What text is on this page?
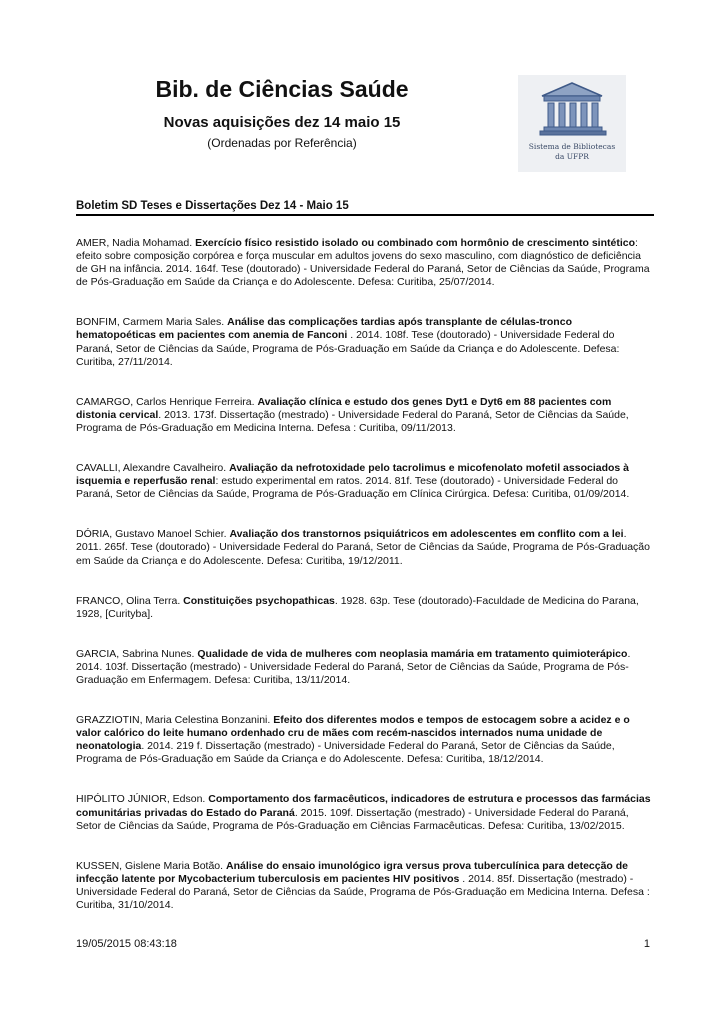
Bib. de Ciências Saúde
Novas aquisições dez 14 maio 15
(Ordenadas por Referência)	Sistema de Bibliotecas
da UFPR
Boletim SD Teses e Dissertações Dez 14 - Maio 15

AMER, Nadia Mohamad. Exercício físico resistido isolado ou combinado com hormônio de crescimento sintético: efeito sobre composição corpórea e força muscular em adultos jovens do sexo masculino, com diagnóstico de deficiência de GH na infância. 2014. 164f. Tese (doutorado) - Universidade Federal do Paraná, Setor de Ciências da Saúde, Programa de Pós-Graduação em Saúde da Criança e do Adolescente. Defesa: Curitiba, 25/07/2014.

BONFIM, Carmem Maria Sales. Análise das complicações tardias após transplante de células-tronco hematopoéticas em pacientes com anemia de Fanconi . 2014. 108f. Tese (doutorado) - Universidade Federal do Paraná, Setor de Ciências da Saúde, Programa de Pós-Graduação em Saúde da Criança e do Adolescente. Defesa: Curitiba, 27/11/2014.

CAMARGO, Carlos Henrique Ferreira. Avaliação clínica e estudo dos genes Dyt1 e Dyt6 em 88 pacientes com distonia cervical. 2013. 173f. Dissertação (mestrado) - Universidade Federal do Paraná, Setor de Ciências da Saúde, Programa de Pós-Graduação em Medicina Interna. Defesa : Curitiba, 09/11/2013.

CAVALLI, Alexandre Cavalheiro. Avaliação da nefrotoxidade pelo tacrolimus e micofenolato mofetil associados à isquemia e reperfusão renal: estudo experimental em ratos. 2014. 81f. Tese (doutorado) - Universidade Federal do Paraná, Setor de Ciências da Saúde, Programa de Pós-Graduação em Clínica Cirúrgica. Defesa: Curitiba, 01/09/2014.

DÓRIA, Gustavo Manoel Schier. Avaliação dos transtornos psiquiátricos em adolescentes em conflito com a lei. 2011. 265f. Tese (doutorado) - Universidade Federal do Paraná, Setor de Ciências da Saúde, Programa de Pós-Graduação em Saúde da Criança e do Adolescente. Defesa: Curitiba, 19/12/2011.

FRANCO, Olina Terra. Constituições psychopathicas. 1928. 63p. Tese (doutorado)-Faculdade de Medicina do Parana, 1928, [Curityba].

GARCIA, Sabrina Nunes. Qualidade de vida de mulheres com neoplasia mamária em tratamento quimioterápico. 2014. 103f. Dissertação (mestrado) - Universidade Federal do Paraná, Setor de Ciências da Saúde, Programa de Pós-Graduação em Enfermagem. Defesa: Curitiba, 13/11/2014.

GRAZZIOTIN, Maria Celestina Bonzanini. Efeito dos diferentes modos e tempos de estocagem sobre a acidez e o valor calórico do leite humano ordenhado cru de mães com recém-nascidos internados numa unidade de neonatologia. 2014. 219 f. Dissertação (mestrado) - Universidade Federal do Paraná, Setor de Ciências da Saúde, Programa de Pós-Graduação em Saúde da Criança e do Adolescente. Defesa: Curitiba, 18/12/2014.

HIPÓLITO JÚNIOR, Edson. Comportamento dos farmacêuticos, indicadores de estrutura e processos das farmácias comunitárias privadas do Estado do Paraná. 2015. 109f. Dissertação (mestrado) - Universidade Federal do Paraná, Setor de Ciências da Saúde, Programa de Pós-Graduação em Ciências Farmacêuticas. Defesa: Curitiba, 13/02/2015.

KUSSEN, Gislene Maria Botão. Análise do ensaio imunológico igra versus prova tuberculínica para detecção de infecção latente por Mycobacterium tuberculosis em pacientes HIV positivos . 2014. 85f. Dissertação (mestrado) - Universidade Federal do Paraná, Setor de Ciências da Saúde, Programa de Pós-Graduação em Medicina Interna. Defesa : Curitiba, 31/10/2014.

19/05/2015 08:43:18	1
